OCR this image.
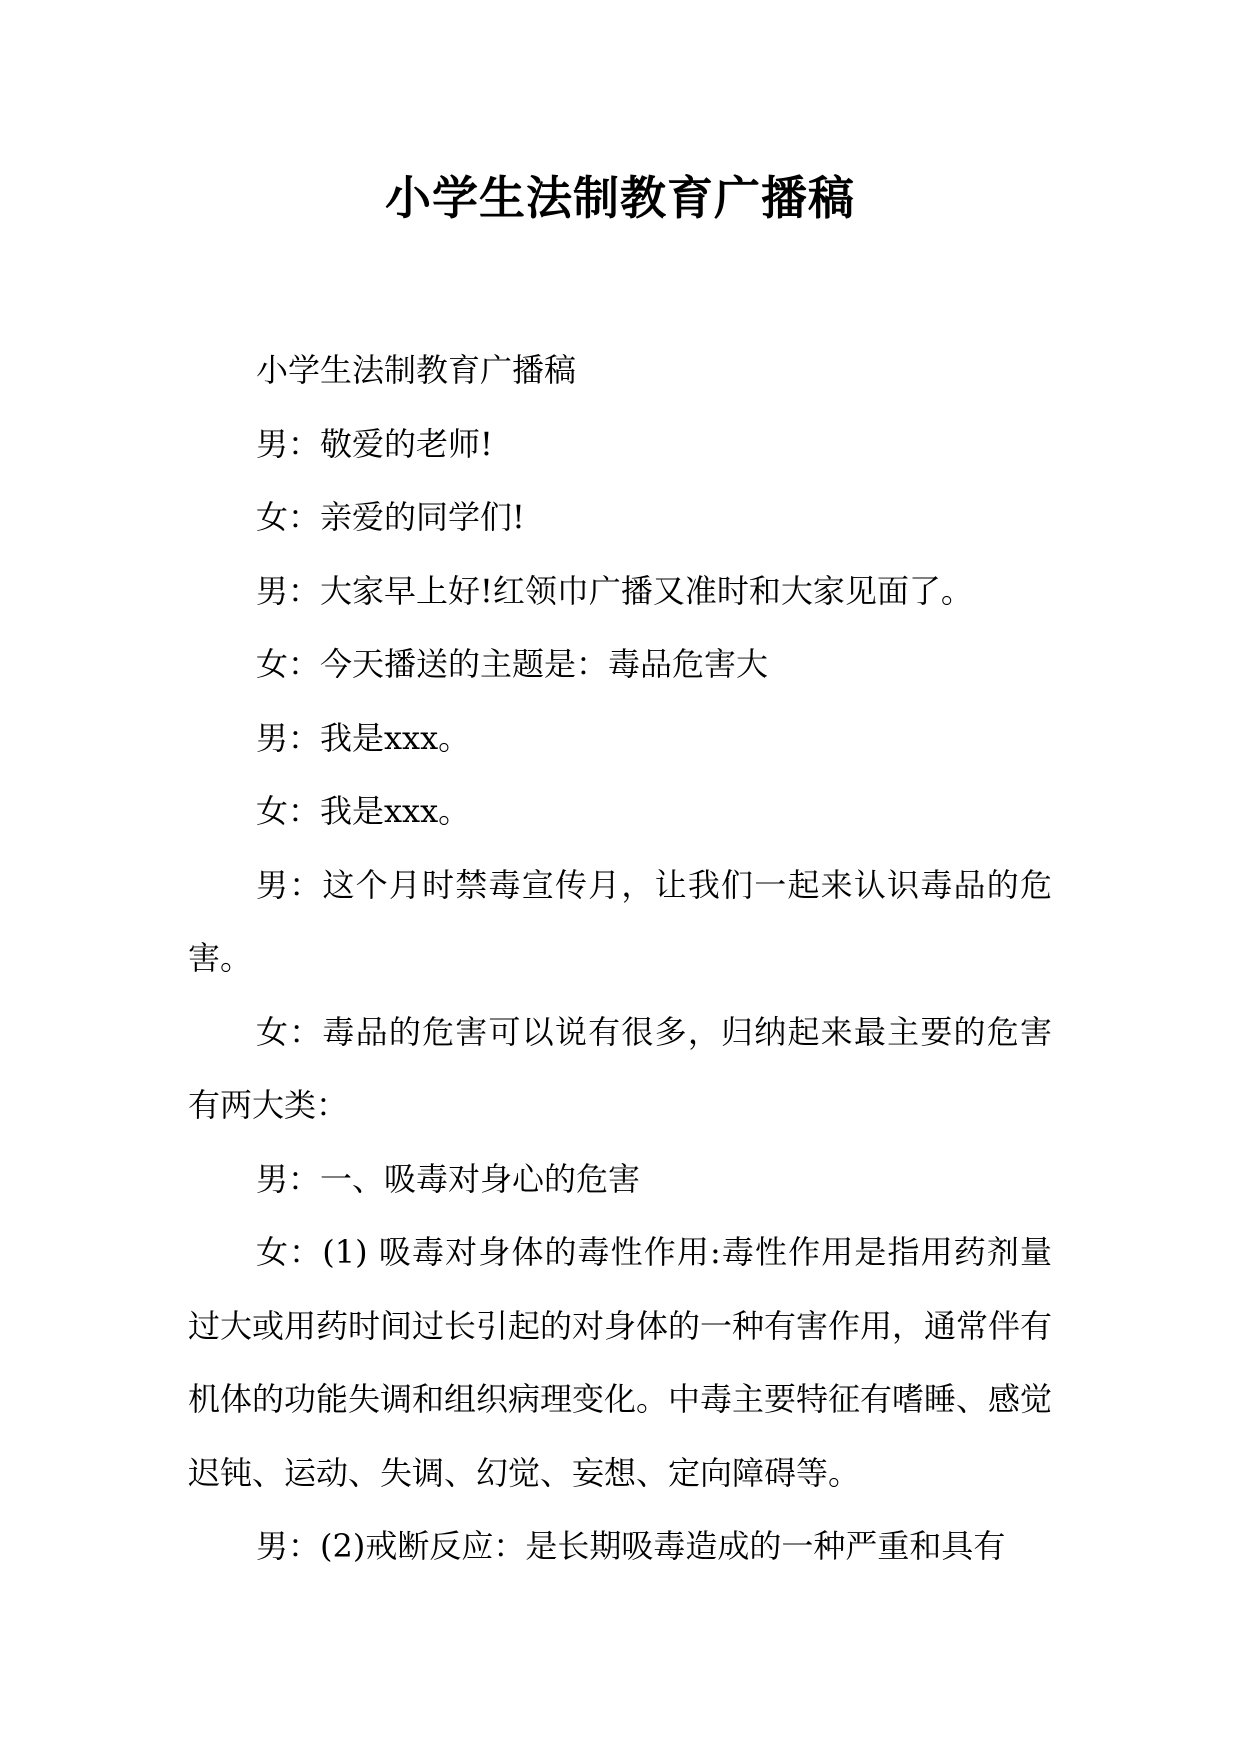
小学生法制教育广播稿

小学生法制教育广播稿

男：敬爱的老师!

女：亲爱的同学们!

男：大家早上好!红领巾广播又准时和大家见面了。

女：今天播送的主题是：毒品危害大

男：我是xxx。

女：我是xxx。

男：这个月时禁毒宣传月，让我们一起来认识毒品的危害。

女：毒品的危害可以说有很多，归纳起来最主要的危害有两大类：

男：一、吸毒对身心的危害

女：(1) 吸毒对身体的毒性作用:毒性作用是指用药剂量过大或用药时间过长引起的对身体的一种有害作用，通常伴有机体的功能失调和组织病理变化。中毒主要特征有嗜睡、感觉迟钝、运动、失调、幻觉、妄想、定向障碍等。

男：(2)戒断反应：是长期吸毒造成的一种严重和具有
